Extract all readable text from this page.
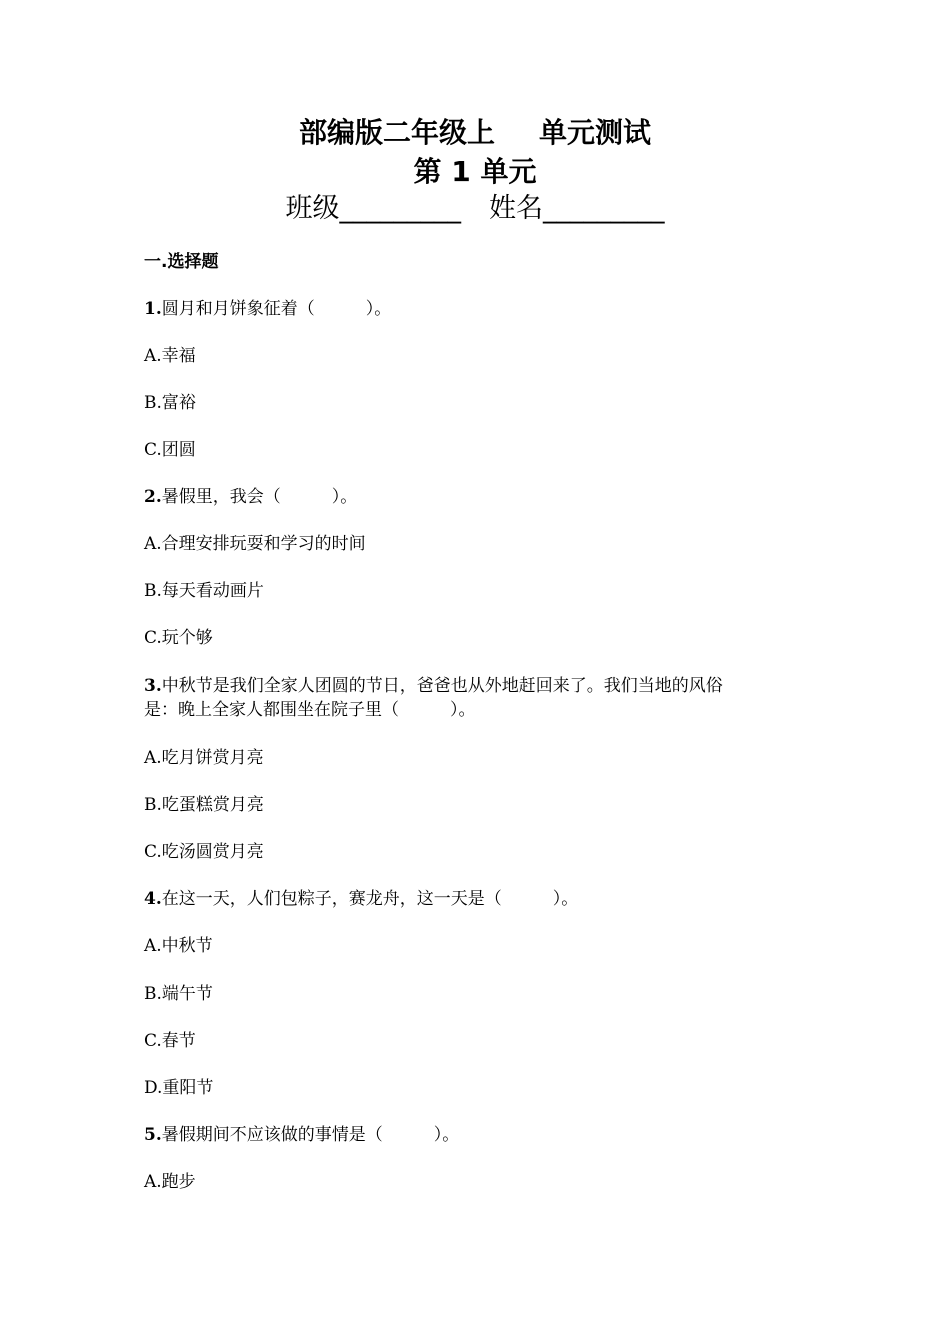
部编版二年级上 单元测试
第 1 单元
班级_________ 姓名_________
一.选择题
1.圆月和月饼象征着（　　　）。
A.幸福
B.富裕
C.团圆
2.暑假里，我会（　　　）。
A.合理安排玩耍和学习的时间
B.每天看动画片
C.玩个够
3.中秋节是我们全家人团圆的节日，爸爸也从外地赶回来了。我们当地的风俗
是：晚上全家人都围坐在院子里（　　　）。
A.吃月饼赏月亮
B.吃蛋糕赏月亮
C.吃汤圆赏月亮
4.在这一天，人们包粽子，赛龙舟，这一天是（　　　）。
A.中秋节
B.端午节
C.春节
D.重阳节
5.暑假期间不应该做的事情是（　　　）。
A.跑步
